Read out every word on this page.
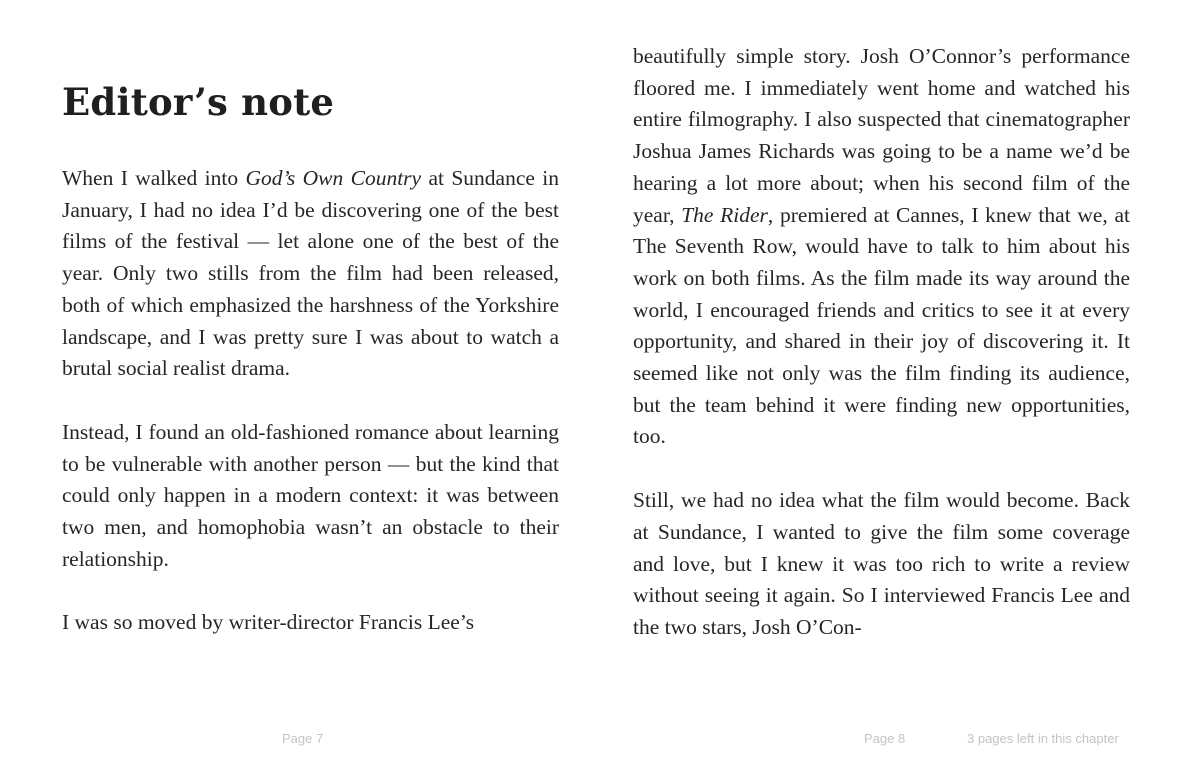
Editor’s note

When I walked into God’s Own Country at Sundance in January, I had no idea I’d be discovering one of the best films of the festival — let alone one of the best of the year. Only two stills from the film had been released, both of which emphasized the harshness of the Yorkshire landscape, and I was pretty sure I was about to watch a brutal social realist drama.

Instead, I found an old-fashioned romance about learning to be vulnerable with another person — but the kind that could only happen in a modern context: it was between two men, and homophobia wasn’t an obstacle to their relationship.

I was so moved by writer-director Francis Lee’s

beautifully simple story. Josh O’Connor’s performance floored me. I immediately went home and watched his entire filmography. I also suspected that cinematographer Joshua James Richards was going to be a name we’d be hearing a lot more about; when his second film of the year, The Rider, premiered at Cannes, I knew that we, at The Seventh Row, would have to talk to him about his work on both films. As the film made its way around the world, I encouraged friends and critics to see it at every opportunity, and shared in their joy of discovering it. It seemed like not only was the film finding its audience, but the team behind it were finding new opportunities, too.

Still, we had no idea what the film would become. Back at Sundance, I wanted to give the film some coverage and love, but I knew it was too rich to write a review without seeing it again. So I interviewed Francis Lee and the two stars, Josh O’Con-

Page 7	Page 8	3 pages left in this chapter
